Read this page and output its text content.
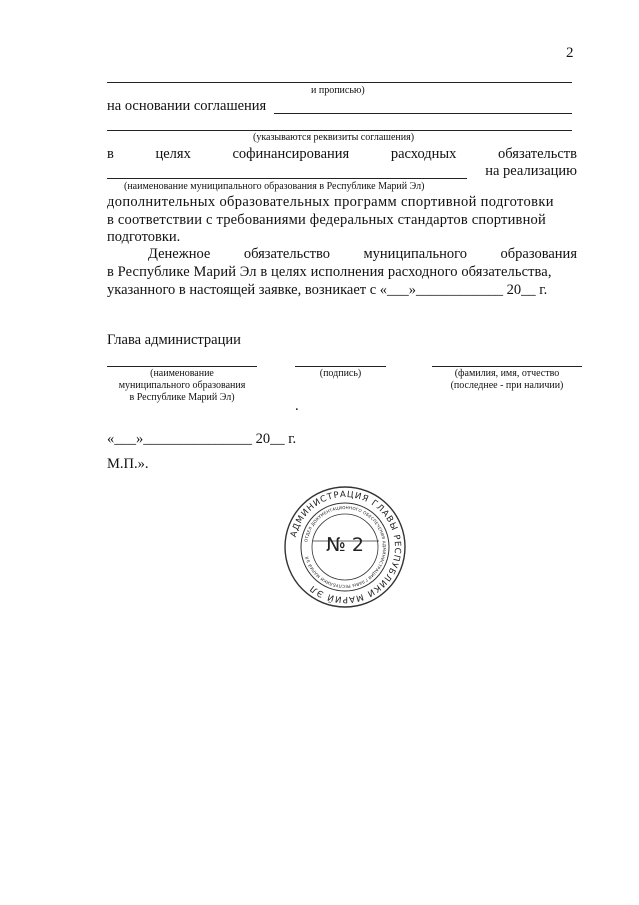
2
и прописью)
на основании соглашения
(указываются реквизиты соглашения)
в	целях	софинансирования	расходных	обязательств
на реализацию
(наименование муниципального образования в Республике Марий Эл)
дополнительных образовательных программ спортивной подготовки
в соответствии с требованиями федеральных стандартов спортивной
подготовки.
Денежное обязательство муниципального образования
в Республике Марий Эл в целях исполнения расходного обязательства,
указанного в настоящей заявке, возникает с «___»____________ 20__ г.
Глава администрации
(наименование
муниципального образования
в Республике Марий Эл)
(подпись)	(фамилия, имя, отчество
(последнее - при наличии)
.
«___»_______________ 20__ г.
М.П.».
АДМИНИСТРАЦИЯ ГЛАВЫ РЕСПУБЛИКИ МАРИЙ ЭЛ
ОТДЕЛ ДОКУМЕНТАЦИОННОГО ОБЕСПЕЧЕНИЯ АДМИНИСТРАЦИИ ГЛАВЫ РЕСПУБЛИКИ МАРИЙ ЭЛ
№ 2
